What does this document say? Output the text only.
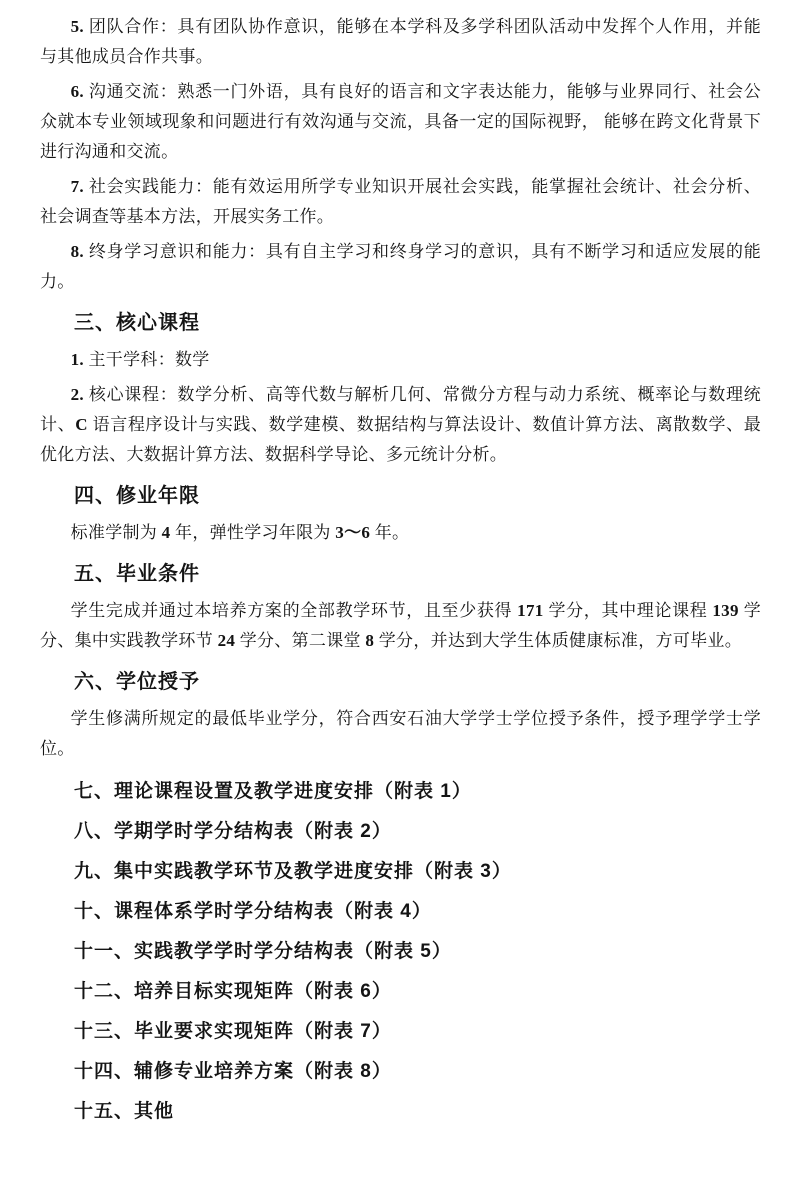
5. 团队合作：具有团队协作意识，能够在本学科及多学科团队活动中发挥个人作用，并能与其他成员合作共事。

6. 沟通交流：熟悉一门外语，具有良好的语言和文字表达能力，能够与业界同行、社会公众就本专业领域现象和问题进行有效沟通与交流，具备一定的国际视野， 能够在跨文化背景下进行沟通和交流。

7. 社会实践能力：能有效运用所学专业知识开展社会实践，能掌握社会统计、社会分析、社会调查等基本方法，开展实务工作。

8. 终身学习意识和能力：具有自主学习和终身学习的意识，具有不断学习和适应发展的能力。

三、核心课程

1. 主干学科：数学

2. 核心课程：数学分析、高等代数与解析几何、常微分方程与动力系统、概率论与数理统计、C 语言程序设计与实践、数学建模、数据结构与算法设计、数值计算方法、离散数学、最优化方法、大数据计算方法、数据科学导论、多元统计分析。

四、修业年限

标准学制为 4 年，弹性学习年限为 3～6 年。

五、毕业条件

学生完成并通过本培养方案的全部教学环节，且至少获得 171 学分，其中理论课程 139 学分、集中实践教学环节 24 学分、第二课堂 8 学分，并达到大学生体质健康标准，方可毕业。

六、学位授予

学生修满所规定的最低毕业学分，符合西安石油大学学士学位授予条件，授予理学学士学位。

七、理论课程设置及教学进度安排（附表 1）
八、学期学时学分结构表（附表 2）
九、集中实践教学环节及教学进度安排（附表 3）
十、课程体系学时学分结构表（附表 4）
十一、实践教学学时学分结构表（附表 5）
十二、培养目标实现矩阵（附表 6）
十三、毕业要求实现矩阵（附表 7）
十四、辅修专业培养方案（附表 8）
十五、其他
